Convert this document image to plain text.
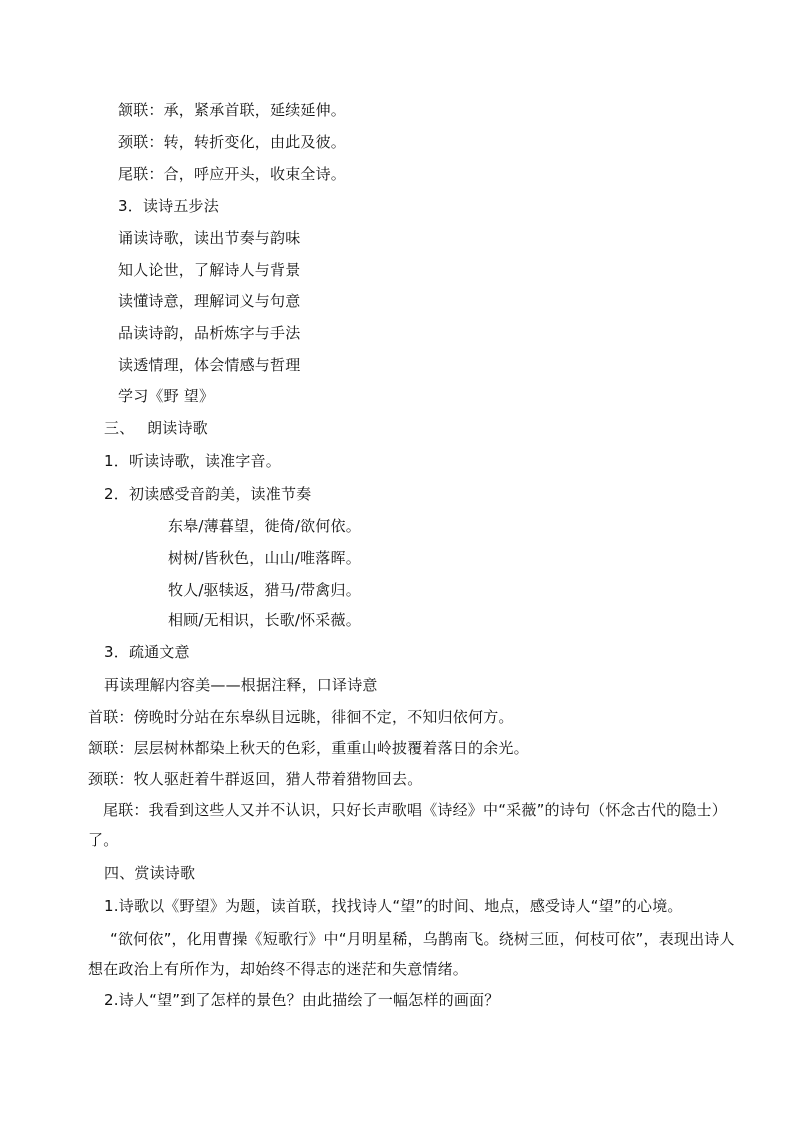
颔联：承，紧承首联，延续延伸。
颈联：转，转折变化，由此及彼。
尾联：合，呼应开头，收束全诗。
3．读诗五步法
诵读诗歌，读出节奏与韵味
知人论世，了解诗人与背景
读懂诗意，理解词义与句意
品读诗韵，品析炼字与手法
读透情理，体会情感与哲理
学习《野 望》
三、　 朗读诗歌
1．听读诗歌，读准字音。
2．初读感受音韵美，读准节奏
东皋/薄暮望，徙倚/欲何依。
树树/皆秋色，山山/唯落晖。
牧人/驱犊返，猎马/带禽归。
相顾/无相识，长歌/怀采薇。
3．疏通文意
再读理解内容美——根据注释，口译诗意
首联：傍晚时分站在东皋纵目远眺，徘徊不定，不知归依何方。
颔联：层层树林都染上秋天的色彩，重重山岭披覆着落日的余光。
颈联：牧人驱赶着牛群返回，猎人带着猎物回去。
尾联：我看到这些人又并不认识，只好长声歌唱《诗经》中“采薇”的诗句（怀念古代的隐士）了。
四、赏读诗歌
1.诗歌以《野望》为题，读首联，找找诗人“望”的时间、地点，感受诗人“望”的心境。
“欲何依”，化用曹操《短歌行》中“月明星稀，乌鹊南飞。绕树三匝，何枝可依”，表现出诗人想在政治上有所作为，却始终不得志的迷茫和失意情绪。
2.诗人“望”到了怎样的景色？由此描绘了一幅怎样的画面？
